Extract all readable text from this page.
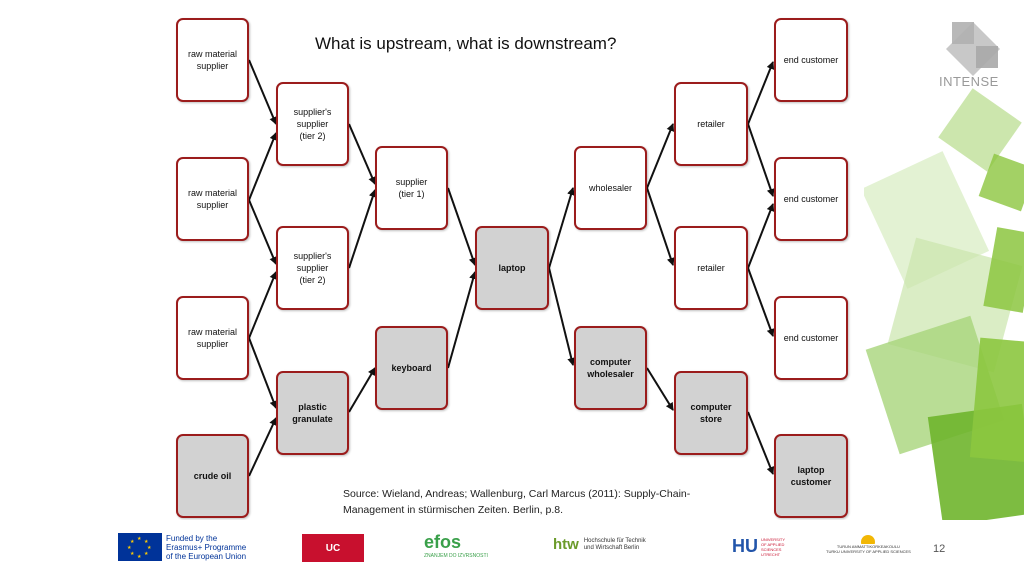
INTENSE
What is upstream, what is downstream?
raw material
supplier
raw material
supplier
raw material
supplier
crude oil
supplier's
supplier
(tier 2)
supplier's
supplier
(tier 2)
plastic
granulate
supplier
(tier 1)
keyboard
laptop
wholesaler
computer
wholesaler
retailer
retailer
computer
store
end customer
end customer
end customer
laptop
customer
Source: Wieland, Andreas; Wallenburg, Carl Marcus (2011): Supply-Chain-Management in stürmischen Zeiten. Berlin, p.8.
★ ★
★
★
★
★
★
★	Funded by the
Erasmus+ Programme
of the European Union
UC	efos
ZNANJEM DO IZVRSNOSTI
htw Hochschule für Technik
und Wirtschaft Berlin	HU UNIVERSITY
OF APPLIED
SCIENCES
UTRECHT
TURUN AMMATTIKORKEAKOULU
TURKU UNIVERSITY OF APPLIED SCIENCES 12
